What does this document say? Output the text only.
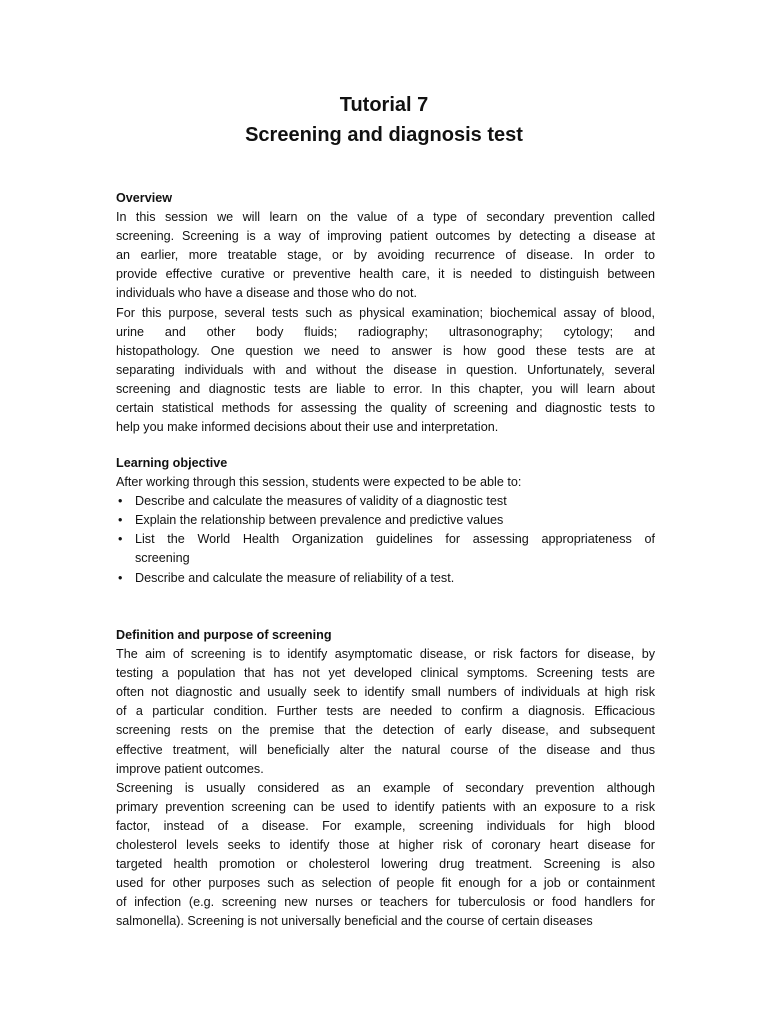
Tutorial 7
Screening and diagnosis test
Overview
In this session we will learn on the value of a type of secondary prevention called
screening. Screening is a way of improving patient outcomes by detecting a disease at
an earlier, more treatable stage, or by avoiding recurrence of disease. In order to
provide effective curative or preventive health care, it is needed to distinguish between
individuals who have a disease and those who do not.
For this purpose, several tests such as physical examination; biochemical assay of blood,
urine and other body fluids; radiography; ultrasonography; cytology; and
histopathology. One question we need to answer is how good these tests are at
separating individuals with and without the disease in question. Unfortunately, several
screening and diagnostic tests are liable to error. In this chapter, you will learn about
certain statistical methods for assessing the quality of screening and diagnostic tests to
help you make informed decisions about their use and interpretation.
Learning objective
After working through this session, students were expected to be able to:
• Describe and calculate the measures of validity of a diagnostic test
• Explain the relationship between prevalence and predictive values
• List the World Health Organization guidelines for assessing appropriateness of
screening
• Describe and calculate the measure of reliability of a test.
Definition and purpose of screening
The aim of screening is to identify asymptomatic disease, or risk factors for disease, by
testing a population that has not yet developed clinical symptoms. Screening tests are
often not diagnostic and usually seek to identify small numbers of individuals at high risk
of a particular condition. Further tests are needed to confirm a diagnosis. Efficacious
screening rests on the premise that the detection of early disease, and subsequent
effective treatment, will beneficially alter the natural course of the disease and thus
improve patient outcomes.
Screening is usually considered as an example of secondary prevention although
primary prevention screening can be used to identify patients with an exposure to a risk
factor, instead of a disease. For example, screening individuals for high blood
cholesterol levels seeks to identify those at higher risk of coronary heart disease for
targeted health promotion or cholesterol lowering drug treatment. Screening is also
used for other purposes such as selection of people fit enough for a job or containment
of infection (e.g. screening new nurses or teachers for tuberculosis or food handlers for
salmonella). Screening is not universally beneficial and the course of certain diseases
